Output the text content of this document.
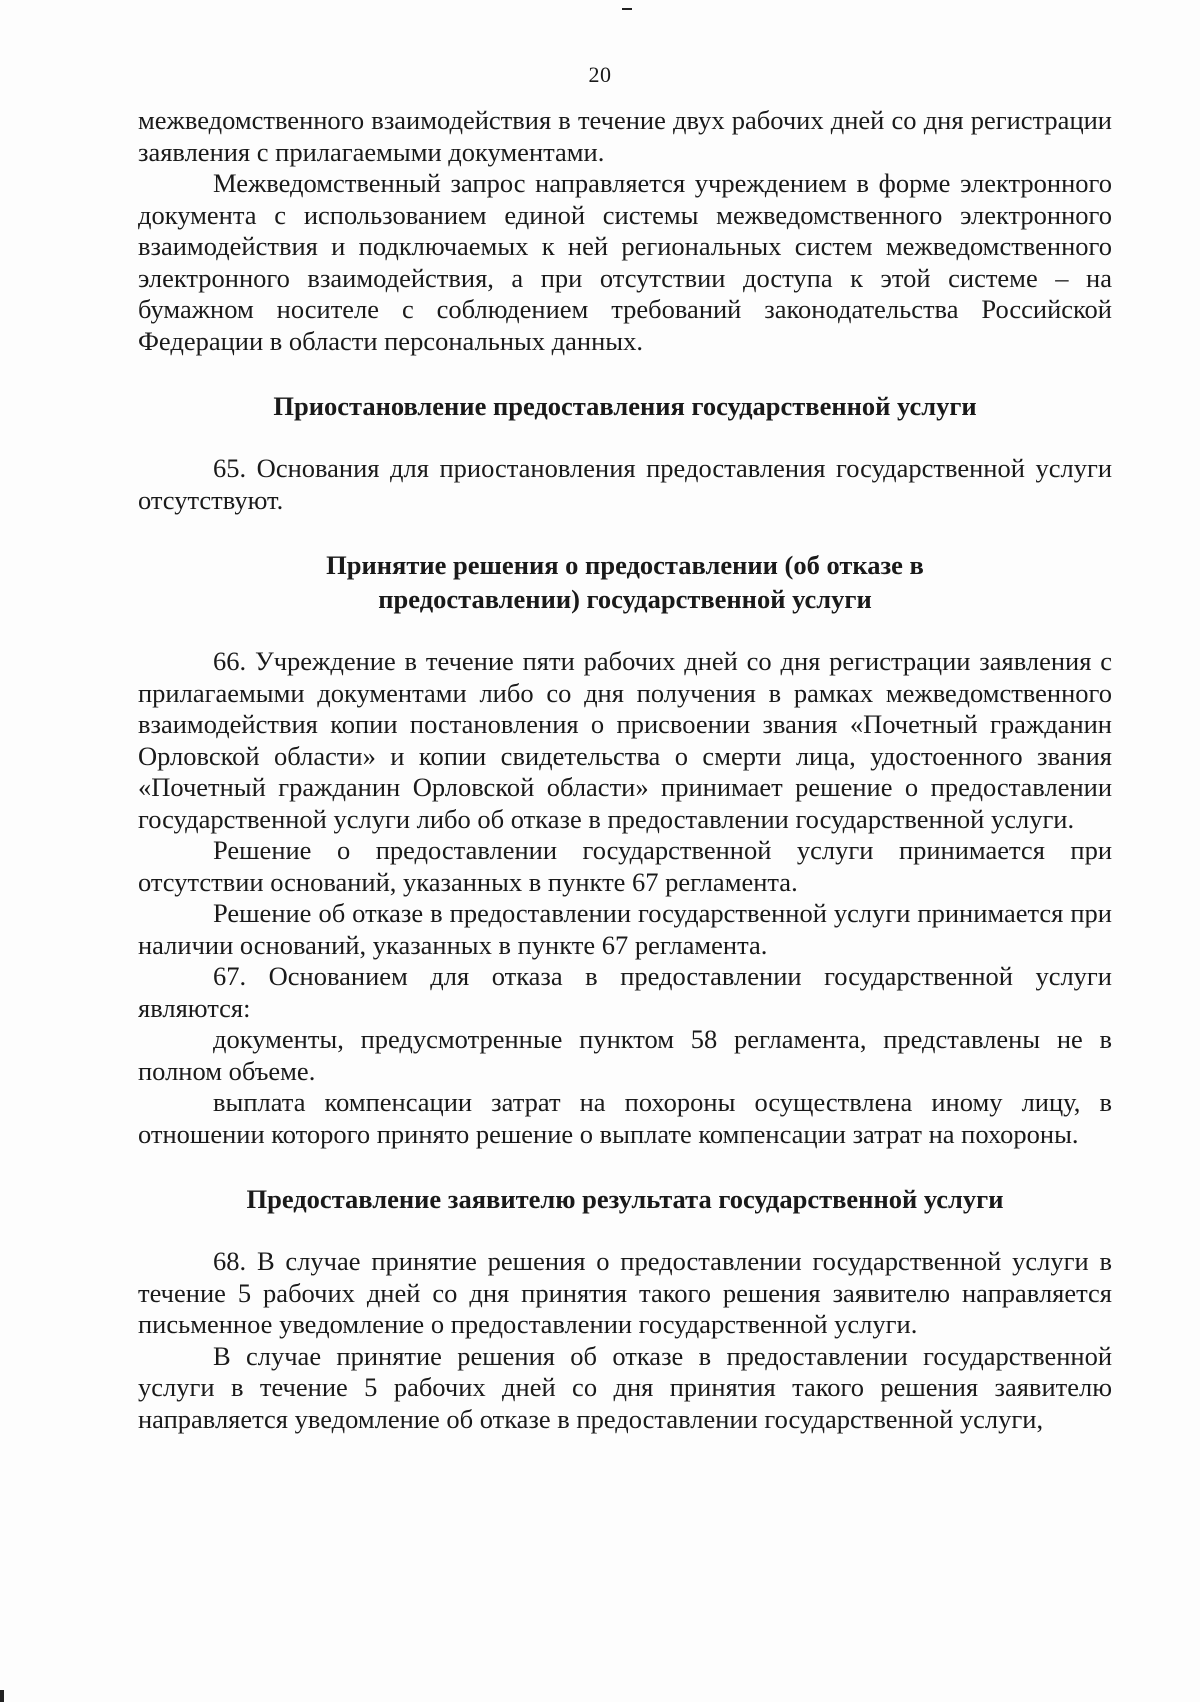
20

межведомственного взаимодействия в течение двух рабочих дней со дня регистрации заявления с прилагаемыми документами.

Межведомственный запрос направляется учреждением в форме электронного документа с использованием единой системы межведомственного электронного взаимодействия и подключаемых к ней региональных систем межведомственного электронного взаимодействия, а при отсутствии доступа к этой системе – на бумажном носителе с соблюдением требований законодательства Российской Федерации в области персональных данных.

Приостановление предоставления государственной услуги

65. Основания для приостановления предоставления государственной услуги отсутствуют.

Принятие решения о предоставлении (об отказе в предоставлении) государственной услуги

66. Учреждение в течение пяти рабочих дней со дня регистрации заявления с прилагаемыми документами либо со дня получения в рамках межведомственного взаимодействия копии постановления о присвоении звания «Почетный гражданин Орловской области» и копии свидетельства о смерти лица, удостоенного звания «Почетный гражданин Орловской области» принимает решение о предоставлении государственной услуги либо об отказе в предоставлении государственной услуги.

Решение о предоставлении государственной услуги принимается при отсутствии оснований, указанных в пункте 67 регламента.

Решение об отказе в предоставлении государственной услуги принимается при наличии оснований, указанных в пункте 67 регламента.

67. Основанием для отказа в предоставлении государственной услуги являются:

документы, предусмотренные пунктом 58 регламента, представлены не в полном объеме.

выплата компенсации затрат на похороны осуществлена иному лицу, в отношении которого принято решение о выплате компенсации затрат на похороны.

Предоставление заявителю результата государственной услуги

68. В случае принятие решения о предоставлении государственной услуги в течение 5 рабочих дней со дня принятия такого решения заявителю направляется письменное уведомление о предоставлении государственной услуги.

В случае принятие решения об отказе в предоставлении государственной услуги в течение 5 рабочих дней со дня принятия такого решения заявителю направляется уведомление об отказе в предоставлении государственной услуги,
